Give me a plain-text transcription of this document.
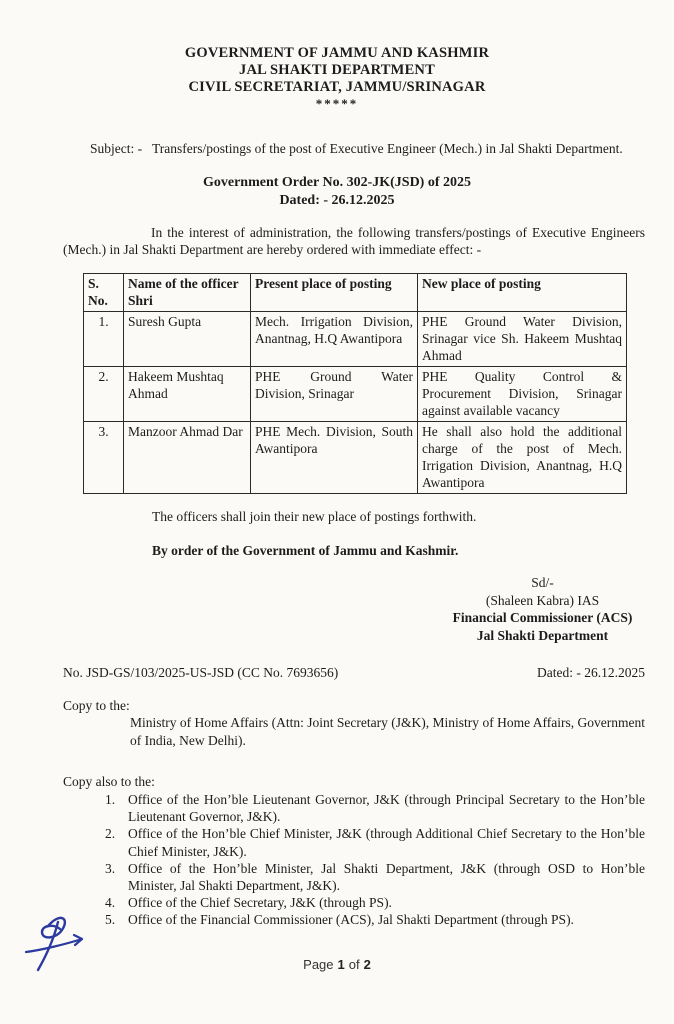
GOVERNMENT OF JAMMU AND KASHMIR
JAL SHAKTI DEPARTMENT
CIVIL SECRETARIAT, JAMMU/SRINAGAR
*****
Subject: - Transfers/postings of the post of Executive Engineer (Mech.) in Jal Shakti Department.
Government Order No. 302-JK(JSD) of 2025
Dated: - 26.12.2025

In the interest of administration, the following transfers/postings of Executive Engineers (Mech.) in Jal Shakti Department are hereby ordered with immediate effect: -

S. No.	Name of the officer Shri	Present place of posting	New place of posting
1.	Suresh Gupta	Mech. Irrigation Division, Anantnag, H.Q Awantipora	PHE Ground Water Division, Srinagar vice Sh. Hakeem Mushtaq Ahmad
2.	Hakeem Mushtaq Ahmad	PHE Ground Water Division, Srinagar	PHE Quality Control & Procurement Division, Srinagar against available vacancy
3.	Manzoor Ahmad Dar	PHE Mech. Division, South Awantipora	He shall also hold the additional charge of the post of Mech. Irrigation Division, Anantnag, H.Q Awantipora

The officers shall join their new place of postings forthwith.

By order of the Government of Jammu and Kashmir.

Sd/-
(Shaleen Kabra) IAS
Financial Commissioner (ACS)
Jal Shakti Department
No. JSD-GS/103/2025-US-JSD (CC No. 7693656)	Dated: - 26.12.2025
Copy to the:

Ministry of Home Affairs (Attn: Joint Secretary (J&K), Ministry of Home Affairs, Government of India, New Delhi).

Copy also to the:
1. Office of the Hon’ble Lieutenant Governor, J&K (through Principal Secretary to the Hon’ble Lieutenant Governor, J&K).
2. Office of the Hon’ble Chief Minister, J&K (through Additional Chief Secretary to the Hon’ble Chief Minister, J&K).
3. Office of the Hon’ble Minister, Jal Shakti Department, J&K (through OSD to Hon’ble Minister, Jal Shakti Department, J&K).
4. Office of the Chief Secretary, J&K (through PS).
5. Office of the Financial Commissioner (ACS), Jal Shakti Department (through PS).
Page 1 of 2
